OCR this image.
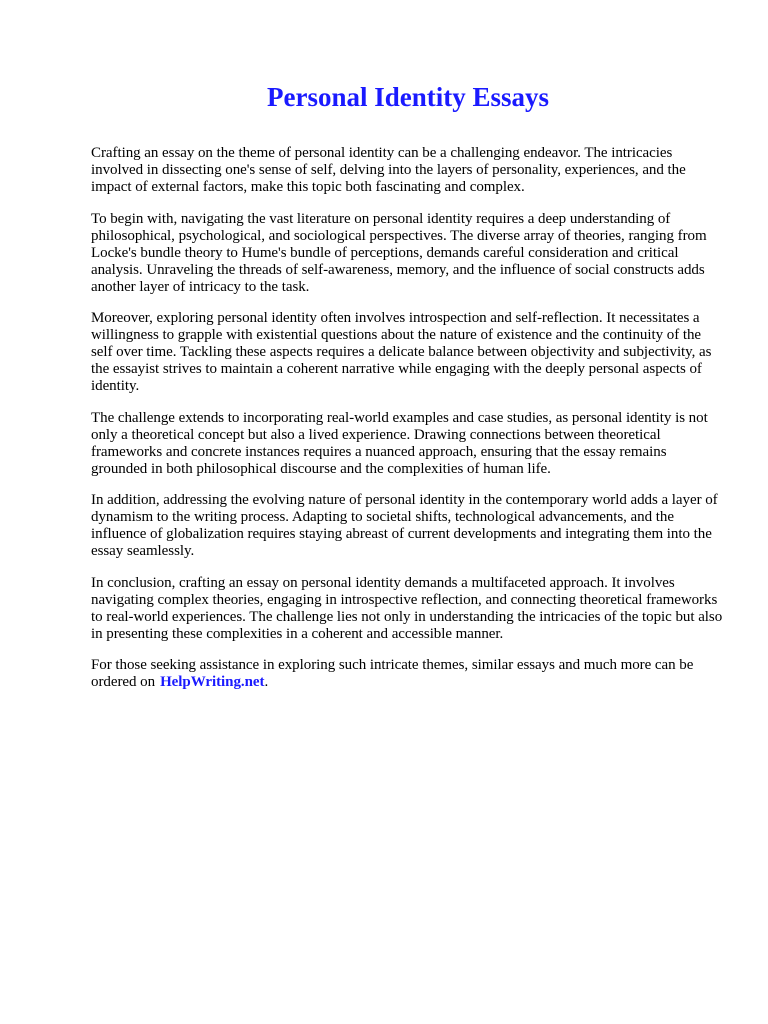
Personal Identity Essays

Crafting an essay on the theme of personal identity can be a challenging endeavor. The intricacies involved in dissecting one's sense of self, delving into the layers of personality, experiences, and the impact of external factors, make this topic both fascinating and complex.

To begin with, navigating the vast literature on personal identity requires a deep understanding of philosophical, psychological, and sociological perspectives. The diverse array of theories, ranging from Locke's bundle theory to Hume's bundle of perceptions, demands careful consideration and critical analysis. Unraveling the threads of self-awareness, memory, and the influence of social constructs adds another layer of intricacy to the task.

Moreover, exploring personal identity often involves introspection and self-reflection. It necessitates a willingness to grapple with existential questions about the nature of existence and the continuity of the self over time. Tackling these aspects requires a delicate balance between objectivity and subjectivity, as the essayist strives to maintain a coherent narrative while engaging with the deeply personal aspects of identity.

The challenge extends to incorporating real-world examples and case studies, as personal identity is not only a theoretical concept but also a lived experience. Drawing connections between theoretical frameworks and concrete instances requires a nuanced approach, ensuring that the essay remains grounded in both philosophical discourse and the complexities of human life.

In addition, addressing the evolving nature of personal identity in the contemporary world adds a layer of dynamism to the writing process. Adapting to societal shifts, technological advancements, and the influence of globalization requires staying abreast of current developments and integrating them into the essay seamlessly.

In conclusion, crafting an essay on personal identity demands a multifaceted approach. It involves navigating complex theories, engaging in introspective reflection, and connecting theoretical frameworks to real-world experiences. The challenge lies not only in understanding the intricacies of the topic but also in presenting these complexities in a coherent and accessible manner.

For those seeking assistance in exploring such intricate themes, similar essays and much more can be ordered on HelpWriting.net.
